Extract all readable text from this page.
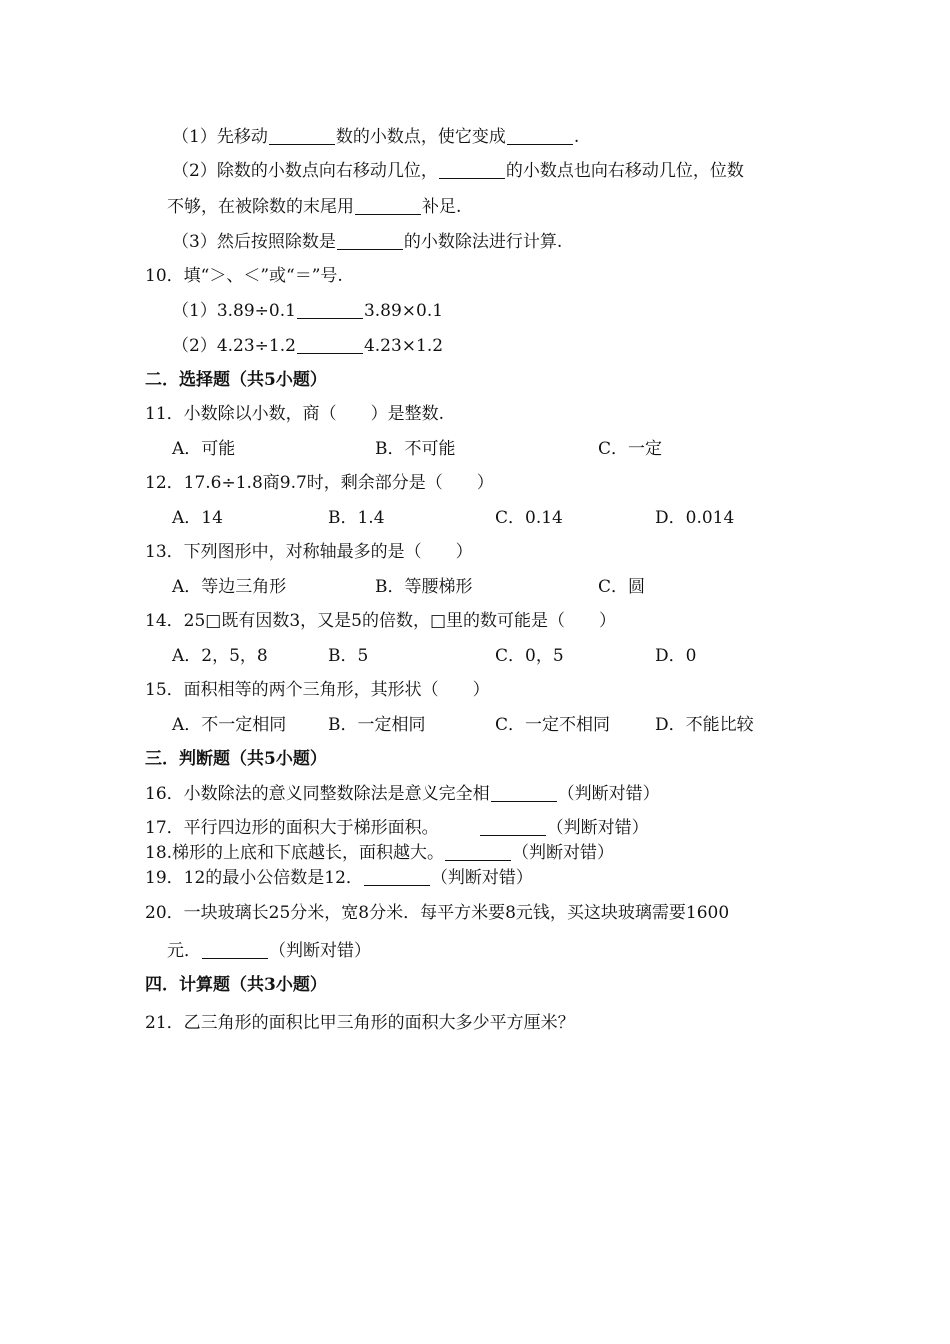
（1）先移动	数的小数点，使它变成	.
（2）除数的小数点向右移动几位，	的小数点也向右移动几位，位数
不够，在被除数的末尾用	补足.
（3）然后按照除数是	的小数除法进行计算.
10．填“＞、＜”或“＝”号.
（1）3.89÷0.1	3.89×0.1
（2）4.23÷1.2	4.23×1.2
二．选择题（共5小题）
11．小数除以小数，商（　　）是整数.
A．可能	B．不可能	C．一定
12．17.6÷1.8商9.7时，剩余部分是（　　）
A．14	B．1.4	C．0.14	D．0.014
13．下列图形中，对称轴最多的是（　　）
A．等边三角形	B．等腰梯形	C．圆
14．25□既有因数3，又是5的倍数，□里的数可能是（　　）
A．2，5，8	B．5	C．0，5	D．0
15．面积相等的两个三角形，其形状（　　）
A．不一定相同 B．一定相同	C．一定不相同	D．不能比较
三．判断题（共5小题）
16．小数除法的意义同整数除法是意义完全相	（判断对错）
17．平行四边形的面积大于梯形面积。	（判断对错）
18.梯形的上底和下底越长，面积越大。	（判断对错）
19．12的最小公倍数是12．	（判断对错）
20．一块玻璃长25分米，宽8分米．每平方米要8元钱，买这块玻璃需要1600
元．	（判断对错）
四．计算题（共3小题）
21．乙三角形的面积比甲三角形的面积大多少平方厘米？
